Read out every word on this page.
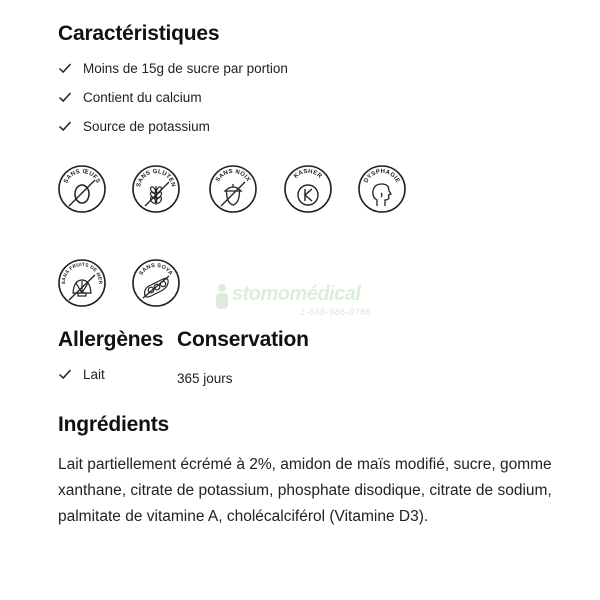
Caractéristiques
Moins de 15g de sucre par portion
Contient du calcium
Source de potassium
SANS ŒUFS
SANS GLUTEN
SANS NOIX	KASHER
DYSPHAGIE
SANS FRUITS DE MER
SANS SOYA
stomomédical
1-866-986-0786
Allergènes Conservation
Lait	365 jours
Ingrédients
Lait partiellement écrémé à 2%, amidon de maïs modifié, sucre, gomme xanthane, citrate de potassium, phosphate disodique, citrate de sodium, palmitate de vitamine A, cholécalciférol (Vitamine D3).
